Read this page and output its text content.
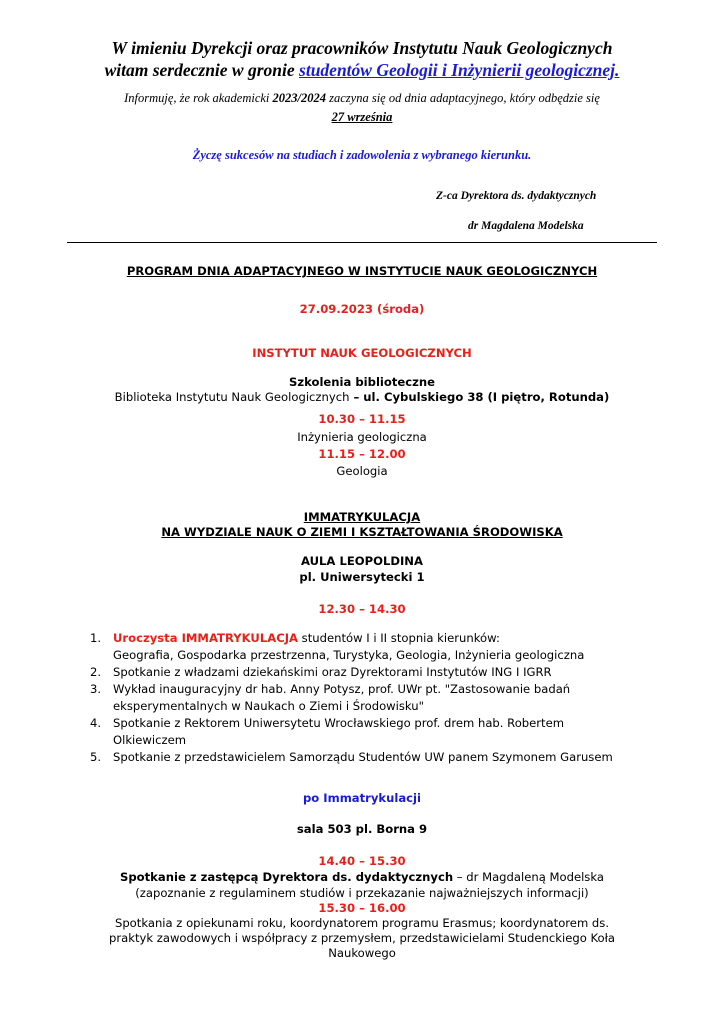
W imieniu Dyrekcji oraz pracowników Instytutu Nauk Geologicznych
witam serdecznie w gronie studentów Geologii i Inżynierii geologicznej.
Informuję, że rok akademicki 2023/2024 zaczyna się od dnia adaptacyjnego, który odbędzie się
27 września
Życzę sukcesów na studiach i zadowolenia z wybranego kierunku.
Z-ca Dyrektora ds. dydaktycznych
dr Magdalena Modelska
PROGRAM DNIA ADAPTACYJNEGO W INSTYTUCIE NAUK GEOLOGICZNYCH
27.09.2023 (środa)
INSTYTUT NAUK GEOLOGICZNYCH
Szkolenia biblioteczne
Biblioteka Instytutu Nauk Geologicznych – ul. Cybulskiego 38 (I piętro, Rotunda)
10.30 – 11.15
Inżynieria geologiczna
11.15 – 12.00
Geologia
IMMATRYKULACJA
NA WYDZIALE NAUK O ZIEMI I KSZTAŁTOWANIA ŚRODOWISKA
AULA LEOPOLDINA
pl. Uniwersytecki 1
12.30 – 14.30
1. Uroczysta IMMATRYKULACJA studentów I i II stopnia kierunków:
Geografia, Gospodarka przestrzenna, Turystyka, Geologia, Inżynieria geologiczna
2. Spotkanie z władzami dziekańskimi oraz Dyrektorami Instytutów ING I IGRR
3. Wykład inauguracyjny dr hab. Anny Potysz, prof. UWr pt. "Zastosowanie badań
eksperymentalnych w Naukach o Ziemi i Środowisku"
4. Spotkanie z Rektorem Uniwersytetu Wrocławskiego prof. drem hab. Robertem
Olkiewiczem
5. Spotkanie z przedstawicielem Samorządu Studentów UW panem Szymonem Garusem
po Immatrykulacji
sala 503 pl. Borna 9
14.40 – 15.30
Spotkanie z zastępcą Dyrektora ds. dydaktycznych – dr Magdaleną Modelska
(zapoznanie z regulaminem studiów i przekazanie najważniejszych informacji)
15.30 – 16.00
Spotkania z opiekunami roku, koordynatorem programu Erasmus; koordynatorem ds.
praktyk zawodowych i współpracy z przemysłem, przedstawicielami Studenckiego Koła
Naukowego
